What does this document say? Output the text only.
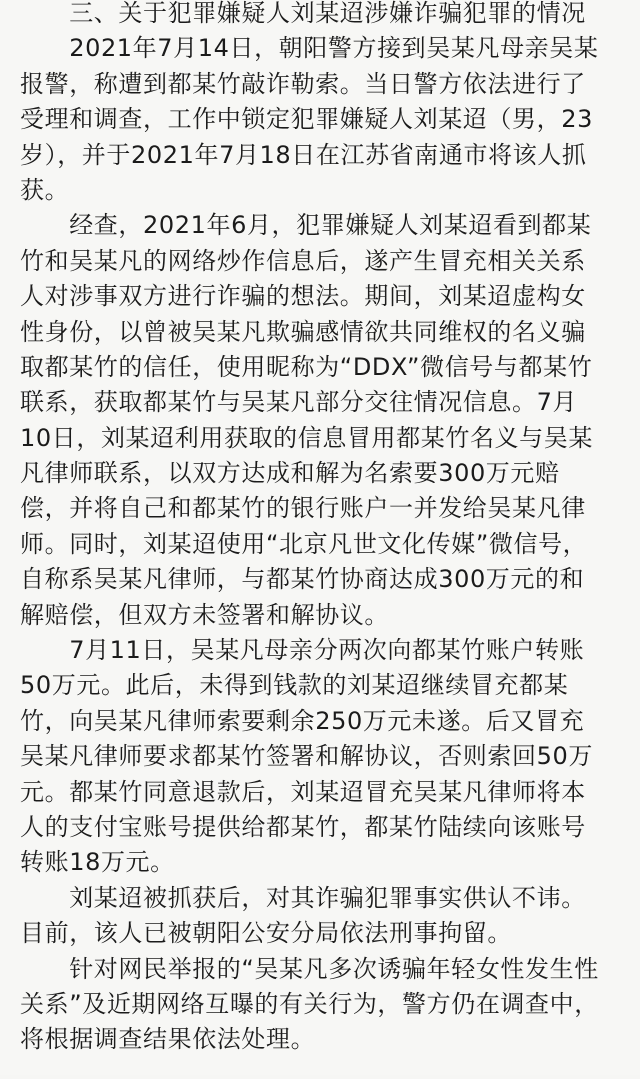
　　三、关于犯罪嫌疑人刘某迢涉嫌诈骗犯罪的情况
　　2021年7月14日，朝阳警方接到吴某凡母亲吴某
报警，称遭到都某竹敲诈勒索。当日警方依法进行了
受理和调查，工作中锁定犯罪嫌疑人刘某迢（男，23
岁），并于2021年7月18日在江苏省南通市将该人抓
获。
　　经查，2021年6月，犯罪嫌疑人刘某迢看到都某
竹和吴某凡的网络炒作信息后，遂产生冒充相关关系
人对涉事双方进行诈骗的想法。期间，刘某迢虚构女
性身份，以曾被吴某凡欺骗感情欲共同维权的名义骗
取都某竹的信任，使用昵称为“DDX”微信号与都某竹
联系，获取都某竹与吴某凡部分交往情况信息。7月
10日，刘某迢利用获取的信息冒用都某竹名义与吴某
凡律师联系，以双方达成和解为名索要300万元赔
偿，并将自己和都某竹的银行账户一并发给吴某凡律
师。同时，刘某迢使用“北京凡世文化传媒”微信号，
自称系吴某凡律师，与都某竹协商达成300万元的和
解赔偿，但双方未签署和解协议。
　　7月11日，吴某凡母亲分两次向都某竹账户转账
50万元。此后，未得到钱款的刘某迢继续冒充都某
竹，向吴某凡律师索要剩余250万元未遂。后又冒充
吴某凡律师要求都某竹签署和解协议，否则索回50万
元。都某竹同意退款后，刘某迢冒充吴某凡律师将本
人的支付宝账号提供给都某竹，都某竹陆续向该账号
转账18万元。
　　刘某迢被抓获后，对其诈骗犯罪事实供认不讳。
目前，该人已被朝阳公安分局依法刑事拘留。
　　针对网民举报的“吴某凡多次诱骗年轻女性发生性
关系”及近期网络互曝的有关行为，警方仍在调查中，
将根据调查结果依法处理。
